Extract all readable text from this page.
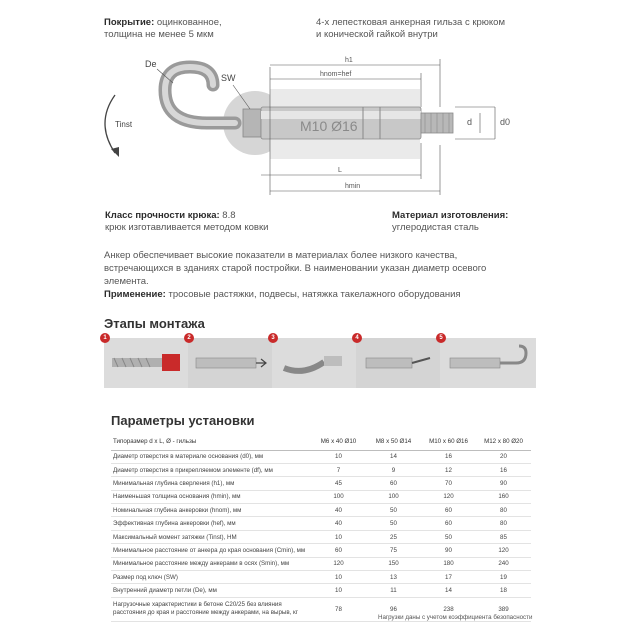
Покрытие: оцинкованное,
толщина не менее 5 мкм
4-х лепестковая анкерная гильза с крюком
и конической гайкой внутри
Tinst
De
SW
M10 Ø16
h1
hnom=hef
L
hmin
d	d0
Класс прочности крюка: 8.8
крюк изготавливается методом ковки
Материал изготовления:
углеродистая сталь
Анкер обеспечивает высокие показатели в материалах более низкого качества,
встречающихся в зданиях старой постройки. В наименовании указан диаметр осевого
элемента.
Применение: тросовые растяжки, подвесы, натяжка такелажного оборудования
Этапы монтажа
1	2	3	4	5
Параметры установки
Типоразмер d x L, Ø - гильзы	M6 x 40 Ø10	M8 x 50 Ø14	M10 x 60 Ø16	M12 x 80 Ø20
Диаметр отверстия в материале основания (d0), мм	10	14	16	20
Диаметр отверстия в прикрепляемом элементе (df), мм	7	9	12	16
Минимальная глубина сверления (h1), мм	45	60	70	90
Наименьшая толщина основания (hmin), мм	100	100	120	160
Номинальная глубина анкеровки (hnom), мм	40	50	60	80
Эффективная глубина анкеровки (hef), мм	40	50	60	80
Максимальный момент затяжки (Tinst), НМ	10	25	50	85
Минимальное расстояние от анкера до края основания (Cmin), мм	60	75	90	120
Минимальное расстояние между анкерами в осях (Smin), мм	120	150	180	240
Размер под ключ (SW)	10	13	17	19
Внутренний диаметр петли (De), мм	10	11	14	18

Нагрузочные характеристики в бетоне C20/25 без влияния
расстояния до края и расстояние между анкерами, на вырыв, кг	78	96	238	389
Нагрузки даны с учетом коэффициента безопасности
